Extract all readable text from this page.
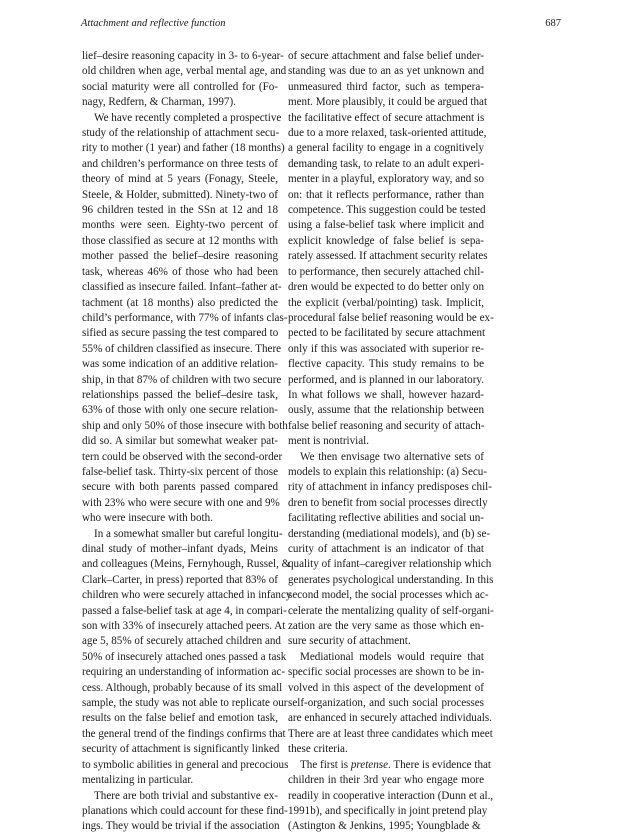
Attachment and reflective function	687

lief–desire reasoning capacity in 3- to 6-year-
old children when age, verbal mental age, and
social maturity were all controlled for (Fo-
nagy, Redfern, & Charman, 1997).

We have recently completed a prospective
study of the relationship of attachment secu-
rity to mother (1 year) and father (18 months)
and children’s performance on three tests of
theory of mind at 5 years (Fonagy, Steele,
Steele, & Holder, submitted). Ninety-two of
96 children tested in the SSn at 12 and 18
months were seen. Eighty-two percent of
those classified as secure at 12 months with
mother passed the belief–desire reasoning
task, whereas 46% of those who had been
classified as insecure failed. Infant–father at-
tachment (at 18 months) also predicted the
child’s performance, with 77% of infants clas-
sified as secure passing the test compared to
55% of children classified as insecure. There
was some indication of an additive relation-
ship, in that 87% of children with two secure
relationships passed the belief–desire task,
63% of those with only one secure relation-
ship and only 50% of those insecure with both
did so. A similar but somewhat weaker pat-
tern could be observed with the second-order
false-belief task. Thirty-six percent of those
secure with both parents passed compared
with 23% who were secure with one and 9%
who were insecure with both.

In a somewhat smaller but careful longitu-
dinal study of mother–infant dyads, Meins
and colleagues (Meins, Fernyhough, Russel, &
Clark–Carter, in press) reported that 83% of
children who were securely attached in infancy
passed a false-belief task at age 4, in compari-
son with 33% of insecurely attached peers. At
age 5, 85% of securely attached children and
50% of insecurely attached ones passed a task
requiring an understanding of information ac-
cess. Although, probably because of its small
sample, the study was not able to replicate our
results on the false belief and emotion task,
the general trend of the findings confirms that
security of attachment is significantly linked
to symbolic abilities in general and precocious
mentalizing in particular.

There are both trivial and substantive ex-
planations which could account for these find-
ings. They would be trivial if the association

of secure attachment and false belief under-
standing was due to an as yet unknown and
unmeasured third factor, such as tempera-
ment. More plausibly, it could be argued that
the facilitative effect of secure attachment is
due to a more relaxed, task-oriented attitude,
a general facility to engage in a cognitively
demanding task, to relate to an adult experi-
menter in a playful, exploratory way, and so
on: that it reflects performance, rather than
competence. This suggestion could be tested
using a false-belief task where implicit and
explicit knowledge of false belief is sepa-
rately assessed. If attachment security relates
to performance, then securely attached chil-
dren would be expected to do better only on
the explicit (verbal/pointing) task. Implicit,
procedural false belief reasoning would be ex-
pected to be facilitated by secure attachment
only if this was associated with superior re-
flective capacity. This study remains to be
performed, and is planned in our laboratory.
In what follows we shall, however hazard-
ously, assume that the relationship between
false belief reasoning and security of attach-
ment is nontrivial.

We then envisage two alternative sets of
models to explain this relationship: (a) Secu-
rity of attachment in infancy predisposes chil-
dren to benefit from social processes directly
facilitating reflective abilities and social un-
derstanding (mediational models), and (b) se-
curity of attachment is an indicator of that
quality of infant–caregiver relationship which
generates psychological understanding. In this
second model, the social processes which ac-
celerate the mentalizing quality of self-organi-
zation are the very same as those which en-
sure security of attachment.

Mediational models would require that
specific social processes are shown to be in-
volved in this aspect of the development of
self-organization, and such social processes
are enhanced in securely attached individuals.
There are at least three candidates which meet
these criteria.

The first is pretense. There is evidence that
children in their 3rd year who engage more
readily in cooperative interaction (Dunn et al.,
1991b), and specifically in joint pretend play
(Astington & Jenkins, 1995; Youngblade &
